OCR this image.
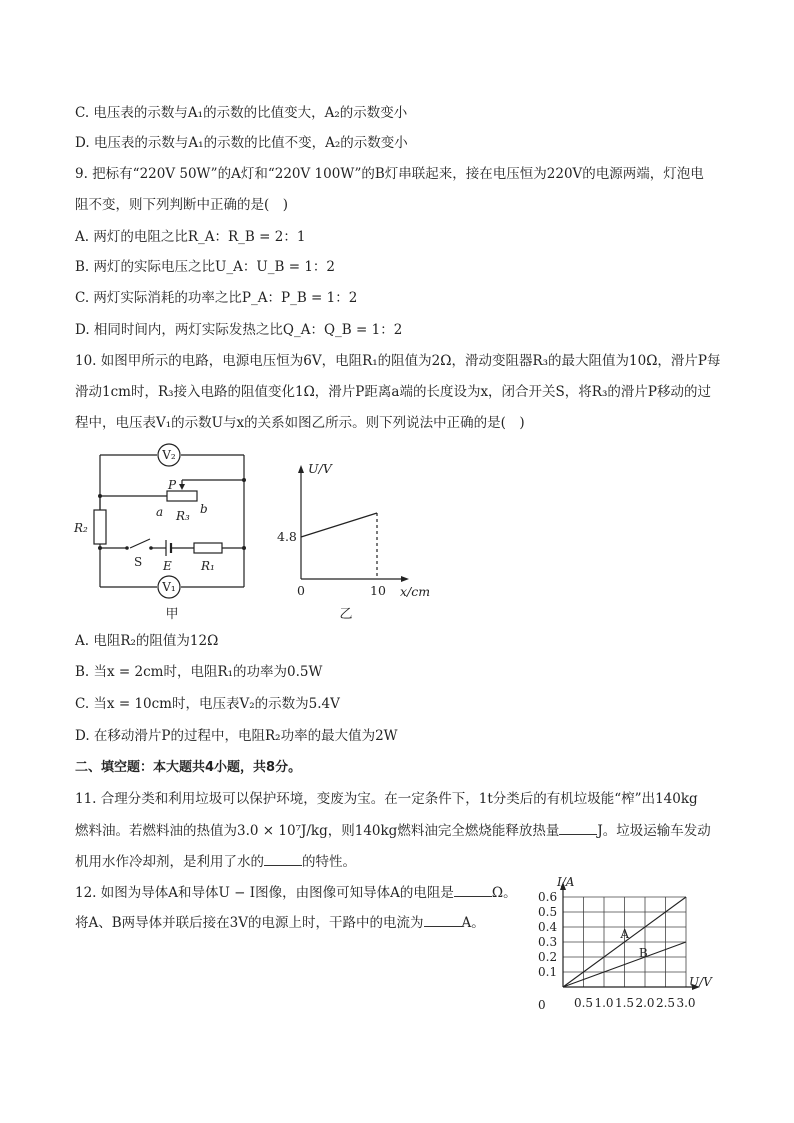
C. 电压表的示数与A₁的示数的比值变大，A₂的示数变小
D. 电压表的示数与A₁的示数的比值不变，A₂的示数变小
9. 把标有“220V 50W”的A灯和“220V 100W”的B灯串联起来，接在电压恒为220V的电源两端，灯泡电
阻不变，则下列判断中正确的是(　)
A. 两灯的电阻之比R_A：R_B = 2：1
B. 两灯的实际电压之比U_A：U_B = 1：2
C. 两灯实际消耗的功率之比P_A：P_B = 1：2
D. 相同时间内，两灯实际发热之比Q_A：Q_B = 1：2
10. 如图甲所示的电路，电源电压恒为6V，电阻R₁的阻值为2Ω，滑动变阻器R₃的最大阻值为10Ω，滑片P每
滑动1cm时，R₃接入电路的阻值变化1Ω，滑片P距离a端的长度设为x，闭合开关S，将R₃的滑片P移动的过
程中，电压表V₁的示数U与x的关系如图乙所示。则下列说法中正确的是(　)
V₂
V₁
P
a	b
R₃
R₂
S E R₁
甲
U/V
4.8
0	10 x/cm
乙
A. 电阻R₂的阻值为12Ω
B. 当x = 2cm时，电阻R₁的功率为0.5W
C. 当x = 10cm时，电压表V₂的示数为5.4V
D. 在移动滑片P的过程中，电阻R₂功率的最大值为2W
二、填空题：本大题共4小题，共8分。
11. 合理分类和利用垃圾可以保护环境，变废为宝。在一定条件下，1t分类后的有机垃圾能“榨”出140kg
燃料油。若燃料油的热值为3.0 × 10⁷J/kg，则140kg燃料油完全燃烧能释放热量	J。垃圾运输车发动
机用水作冷却剂，是利用了水的	的特性。
12. 如图为导体A和导体U − I图像，由图像可知导体A的电阻是	Ω。
将A、B两导体并联后接在3V的电源上时，干路中的电流为	A。
0.6
0.5
0.4
0.3
0.2
0.1
0.5 1.0 1.5 2.0 2.5 3.0
A
B
I/A
U/V
0
